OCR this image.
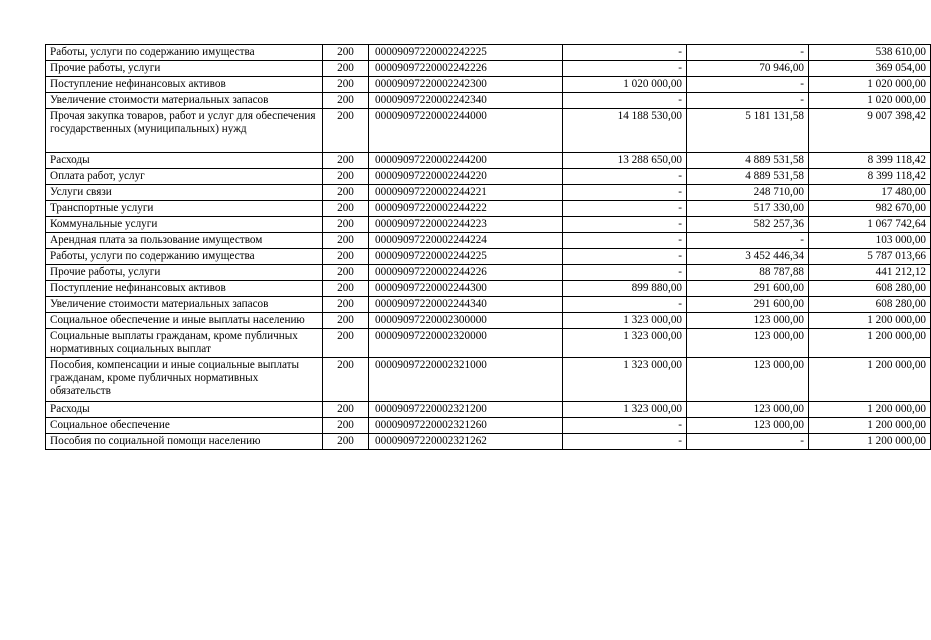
Работы, услуги по содержанию имущества	200	00009097220002242225	-	-	538 610,00
Прочие работы, услуги	200	00009097220002242226	-	70 946,00	369 054,00
Поступление нефинансовых активов	200	00009097220002242300	1 020 000,00	-	1 020 000,00
Увеличение стоимости материальных запасов	200	00009097220002242340	-	-	1 020 000,00
Прочая закупка товаров, работ и услуг для обеспечения государственных (муниципальных) нужд	200	00009097220002244000	14 188 530,00	5 181 131,58	9 007 398,42
Расходы	200	00009097220002244200	13 288 650,00	4 889 531,58	8 399 118,42
Оплата работ, услуг	200	00009097220002244220	-	4 889 531,58	8 399 118,42
Услуги связи	200	00009097220002244221	-	248 710,00	17 480,00
Транспортные услуги	200	00009097220002244222	-	517 330,00	982 670,00
Коммунальные услуги	200	00009097220002244223	-	582 257,36	1 067 742,64
Арендная плата за пользование имуществом	200	00009097220002244224	-	-	103 000,00
Работы, услуги по содержанию имущества	200	00009097220002244225	-	3 452 446,34	5 787 013,66
Прочие работы, услуги	200	00009097220002244226	-	88 787,88	441 212,12
Поступление нефинансовых активов	200	00009097220002244300	899 880,00	291 600,00	608 280,00
Увеличение стоимости материальных запасов	200	00009097220002244340	-	291 600,00	608 280,00
Социальное обеспечение и иные выплаты населению	200	00009097220002300000	1 323 000,00	123 000,00	1 200 000,00
Социальные выплаты гражданам, кроме публичных нормативных социальных выплат	200	00009097220002320000	1 323 000,00	123 000,00	1 200 000,00
Пособия, компенсации и иные социальные выплаты гражданам, кроме публичных нормативных обязательств	200	00009097220002321000	1 323 000,00	123 000,00	1 200 000,00
Расходы	200	00009097220002321200	1 323 000,00	123 000,00	1 200 000,00
Социальное обеспечение	200	00009097220002321260	-	123 000,00	1 200 000,00
Пособия по социальной помощи населению	200	00009097220002321262	-	-	1 200 000,00
